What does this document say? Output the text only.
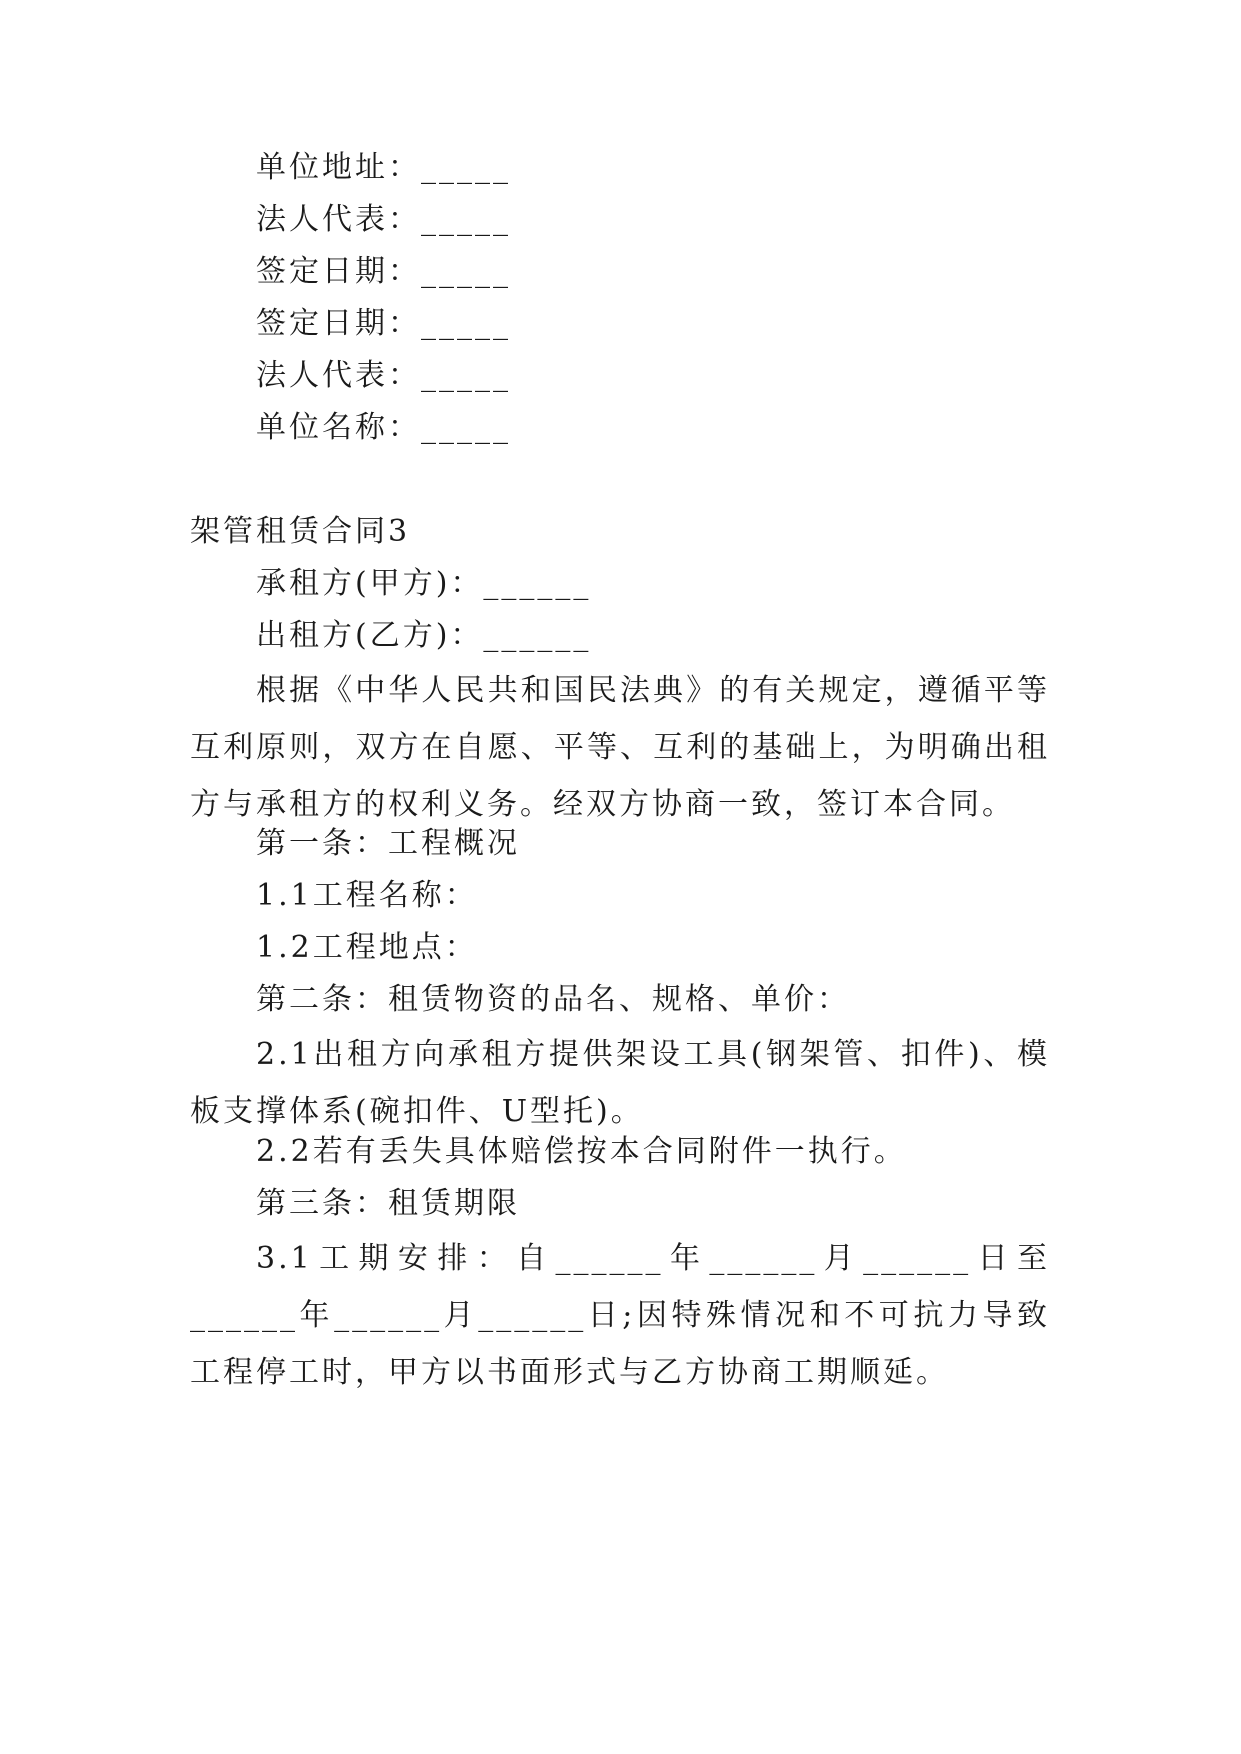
单位地址：_____
法人代表：_____
签定日期：_____
签定日期：_____
法人代表：_____
单位名称：_____
架管租赁合同3
承租方(甲方)：______
出租方(乙方)：______
根据《中华人民共和国民法典》的有关规定，遵循平等互利原则，双方在自愿、平等、互利的基础上，为明确出租方与承租方的权利义务。经双方协商一致，签订本合同。
第一条：工程概况
1.1工程名称：
1.2工程地点：
第二条：租赁物资的品名、规格、单价：
2.1出租方向承租方提供架设工具(钢架管、扣件)、模板支撑体系(碗扣件、U型托)。
2.2若有丢失具体赔偿按本合同附件一执行。
第三条：租赁期限
3.1工期安排：自______年______月______日至______年______月______日;因特殊情况和不可抗力导致工程停工时，甲方以书面形式与乙方协商工期顺延。
